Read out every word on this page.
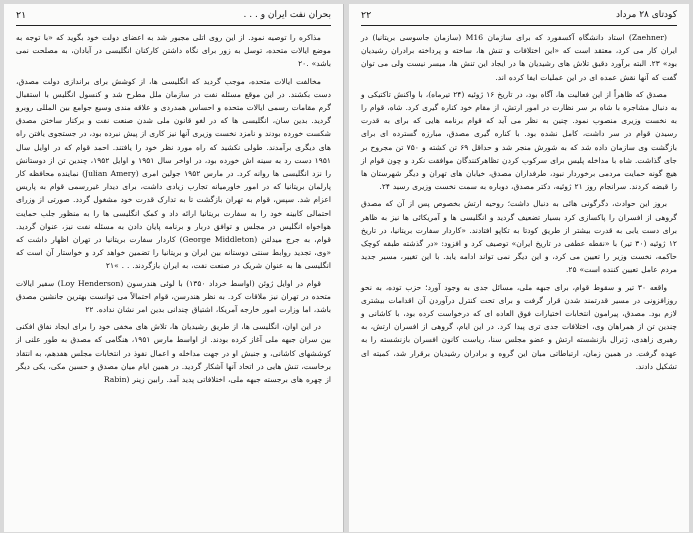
۲۱	بحران نفت ایران و . . .

مذاکره را توصیه نمود. از این روی اتلی مجبور شد به اعضای دولت خود بگوید که «با توجه به موضع ایالات متحده، توسل به زور برای نگاه داشتن کارکنان انگلیسی در آبادان، به مصلحت نمی باشد» .۲۰

مخالفت ایالات متحده، موجب گردید که انگلیسی ها، از کوشش برای براندازی دولت مصدق، دست بکشند. در این موقع مسئله نفت در سازمان ملل مطرح شد و کنسول انگلیس با استقبال گرم مقامات رسمی ایالات متحده و احساس همدردی و علاقه مندی وسیع جوامع بین المللی روبرو گردید. بدین سان، انگلیسی ها که در لغو قانون ملی شدن صنعت نفت و برکنار ساختن مصدق شکست خورده بودند و نامزد نخست وزیری آنها نیز کاری از پیش نبرده بود، در جستجوی یافتن راه های دیگری برآمدند. طولی نکشید که راه مورد نظر خود را یافتند. احمد قوام که در اوایل سال ۱۹۵۱ دست رد به سینه اش خورده بود، در اواخر سال ۱۹۵۱ و اوایل ۱۹۵۲، چندین تن از دوستانش را نزد انگلیسی ها روانه کرد. در مارس ۱۹۵۲ جولین امری (Julian Amery) نماینده محافظه کار پارلمان بریتانیا که در امور خاورمیانه تجارب زیادی داشت، برای دیدار غیررسمی قوام به پاریس اعزام شد. سپس، قوام به تهران بازگشت تا به تدارک قدرت خود مشغول گردد. صورتی از وزرای احتمالی کابینه خود را به سفارت بریتانیا ارائه داد و کمک انگلیسی ها را به منظور جلب حمایت هواخواه انگلیس در مجلس و توافق دربار و برنامه پایان دادن به مسئله نفت نیز، عنوان گردید. قوام، به جرج میدلتن (George Middleton) کاردار سفارت بریتانیا در تهران اظهار داشت که «وی، تجدید روابط سنتی دوستانه بین ایران و بریتانیا را تضمین خواهد کرد و خواستار آن است که انگلیسی ها به عنوان شریک در صنعت نفت، به ایران بازگردند. . . »۲۱

قوام در اوایل ژوئن (اواسط خرداد ۱۳۵۰) با لوئی هندرسون (Loy Henderson) سفیر ایالات متحده در تهران نیز ملاقات کرد. به نظر هندرسن، قوام احتمالاً می توانست بهترین جانشین مصدق باشد، اما وزارت امور خارجه آمریکا، اشتیاق چندانی بدین امر نشان نداده. ۲۲

در این اوان، انگلیسی ها، از طریق رشیدیان ها، تلاش های مخفی خود را برای ایجاد نفاق افکنی بین سران جبهه ملی آغاز کرده بودند. از اواسط مارس ۱۹۵۱، هنگامی که مصدق به طور علنی از کوششهای کاشانی، و جنبش او در جهت مداخله و اعمال نفوذ در انتخابات مجلس هفدهم، به انتقاد برخاست، تنش هایی در اتحاد آنها آشکار گردید. در همین ایام میان مصدق و حسین مکی، یکی دیگر از چهره های برجسته جبهه ملی، اختلافاتی پدید آمد. رابین زینر (Rabin

۲۲	کودتای ۲۸ مرداد

(Zaehner) استاد دانشگاه آکسفورد که برای سازمان M16 (سازمان جاسوسی بریتانیا) در ایران کار می کرد، معتقد است که «این اختلافات و تنش ها، ساخته و پرداخته برادران رشیدیان بود» ۲۳. البته برآورد دقیق تلاش های رشیدیان ها در ایجاد این تنش ها، میسر نیست ولی می توان گفت که آنها نقش عمده ای در این عملیات ایفا کرده اند.

مصدق که ظاهراً از این فعالیت ها، آگاه بود، در تاریخ ۱۶ ژوئیه (۲۴ تیرماه)، با واکنش تاکتیکی و به دنبال مشاجره با شاه بر سر نظارت در امور ارتش، از مقام خود کناره گیری کرد. شاه، قوام را به نخست وزیری منصوب نمود. چنین به نظر می آید که قوام برنامه هایی که برای به قدرت رسیدن قوام در سر داشت، کامل نشده بود. با کناره گیری مصدق، مبارزه گسترده ای برای بازگشت وی سازمان داده شد که به شورش منجر شد و حداقل ۶۹ تن کشته و ۷۵۰ تن مجروح بر جای گذاشت. شاه با مداخله پلیس برای سرکوب کردن تظاهرکنندگان موافقت نکرد و چون قوام از هیچ گونه حمایت مردمی برخوردار نبود، طرفداران مصدق، خیابان های تهران و دیگر شهرستان ها را قبضه کردند. سرانجام روز ۲۱ ژوئیه، دکتر مصدق، دوباره به سمت نخست وزیری رسید ۲۴.

بروز این حوادث، دگرگونی هائی به دنبال داشت؛ روحیه ارتش بخصوص پس از آن که مصدق گروهی از افسران را پاکسازی کرد بسیار تضعیف گردید و انگلیسی ها و آمریکائی ها نیز به ظاهر برای دست یابی به قدرت بیشتر از طریق کودتا به تکاپو افتادند. «کاردار سفارت بریتانیا، در تاریخ ۱۲ ژوئیه (۳۰ تیر) با «نقطه عطفی در تاریخ ایران» توصیف کرد و افزود: «در گذشته طبقه کوچک حاکمه، نخست وزیر را تعیین می کرد، و این دیگر نمی تواند ادامه یابد. با این تغییر، مسیر جدید مردم عامل تعیین کننده است» ۲۵.

واقعه ۳۰ تیر و سقوط قوام، برای جبهه ملی، مسائل جدی به وجود آورد؛ حزب توده، به نحو روزافزونی در مسیر قدرتمند شدن قرار گرفت و برای تحت کنترل درآوردن آن اقدامات بیشتری لازم بود. مصدق، پیرامون انتخابات اختیارات فوق العاده ای که درخواست کرده بود، با کاشانی و چندین تن از همراهان وی، اختلافات جدی تری پیدا کرد. در این ایام، گروهی از افسران ارتش، به رهبری زاهدی، ژنرال بازنشسته ارتش و عضو مجلس سنا، ریاست کانون افسران بازنشسته را به عهده گرفت. در همین زمان، ارتباطاتی میان این گروه و برادران رشیدیان برقرار شد، کمیته ای تشکیل دادند.
